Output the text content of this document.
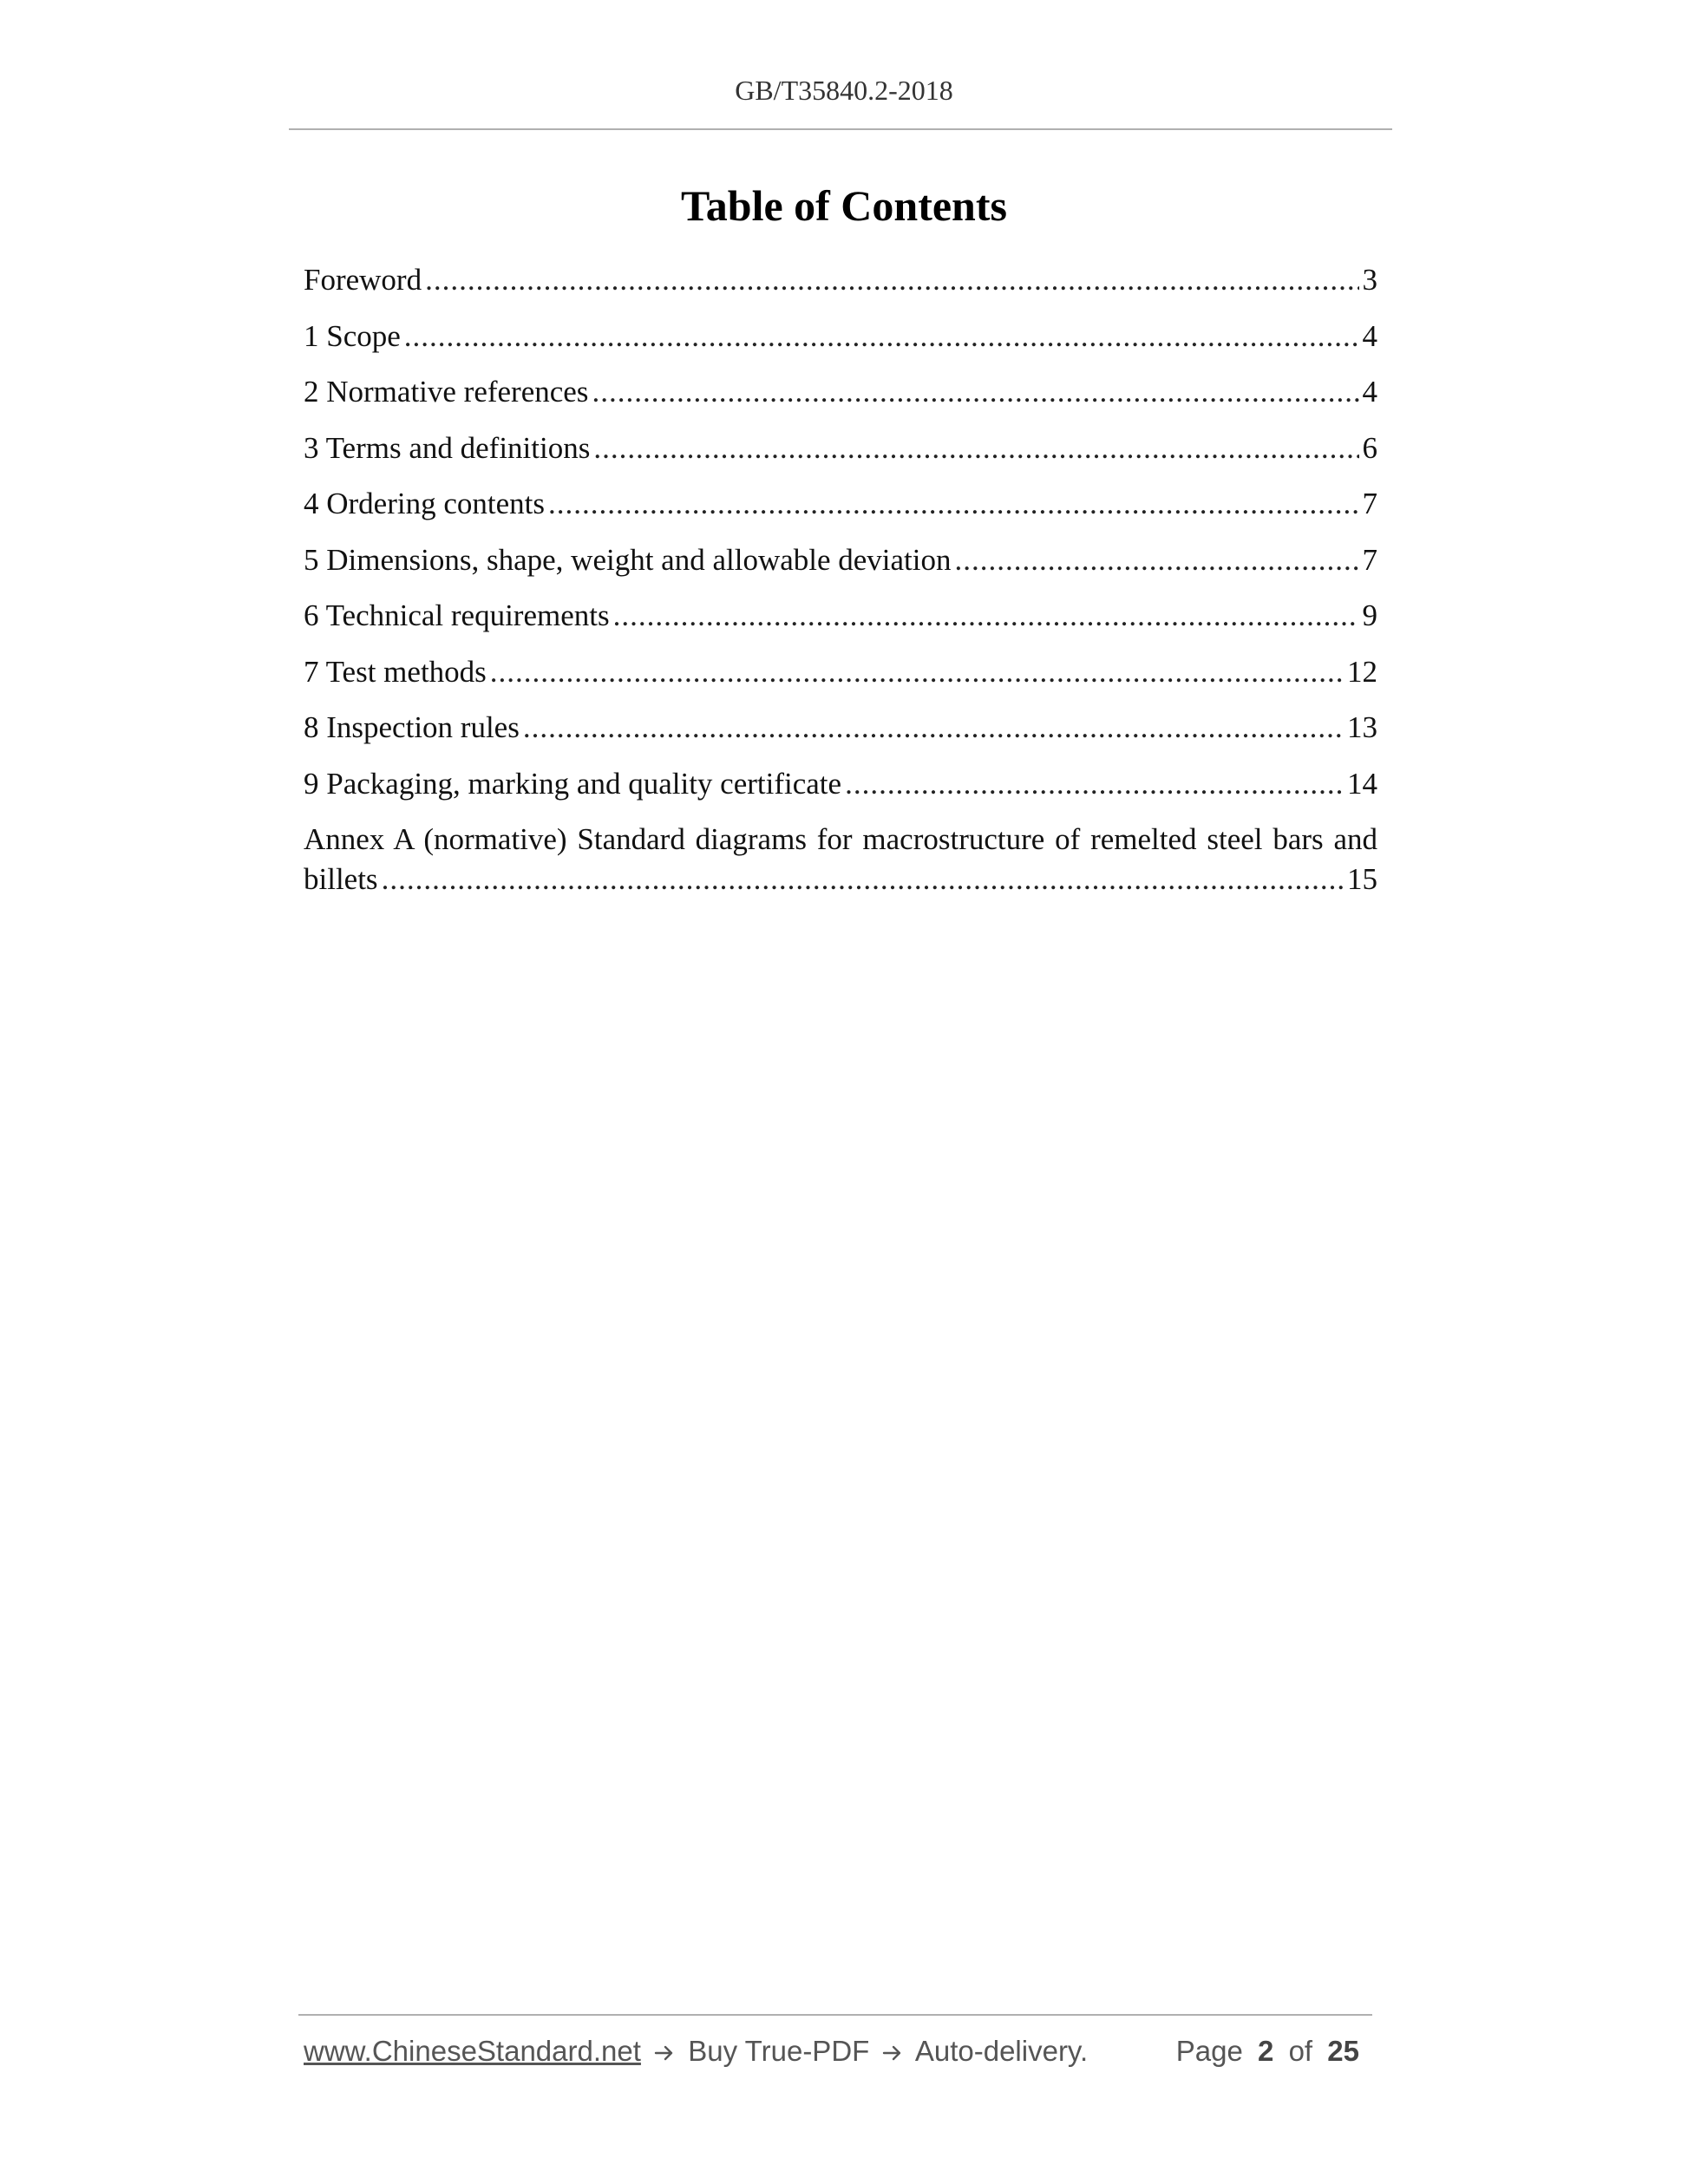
GB/T35840.2-2018
Table of Contents
Foreword .....	3
1 Scope .....	4
2 Normative references .....	4
3 Terms and definitions .....	6
4 Ordering contents .....	7
5 Dimensions, shape, weight and allowable deviation .....	7
6 Technical requirements .....	9
7 Test methods .....	12
8 Inspection rules .....	13
9 Packaging, marking and quality certificate .....	14
Annex A (normative) Standard diagrams for macrostructure of remelted steel bars and
billets .....	15
www.ChineseStandard.net Buy True-PDF Auto-delivery.	Page 2 of 25
